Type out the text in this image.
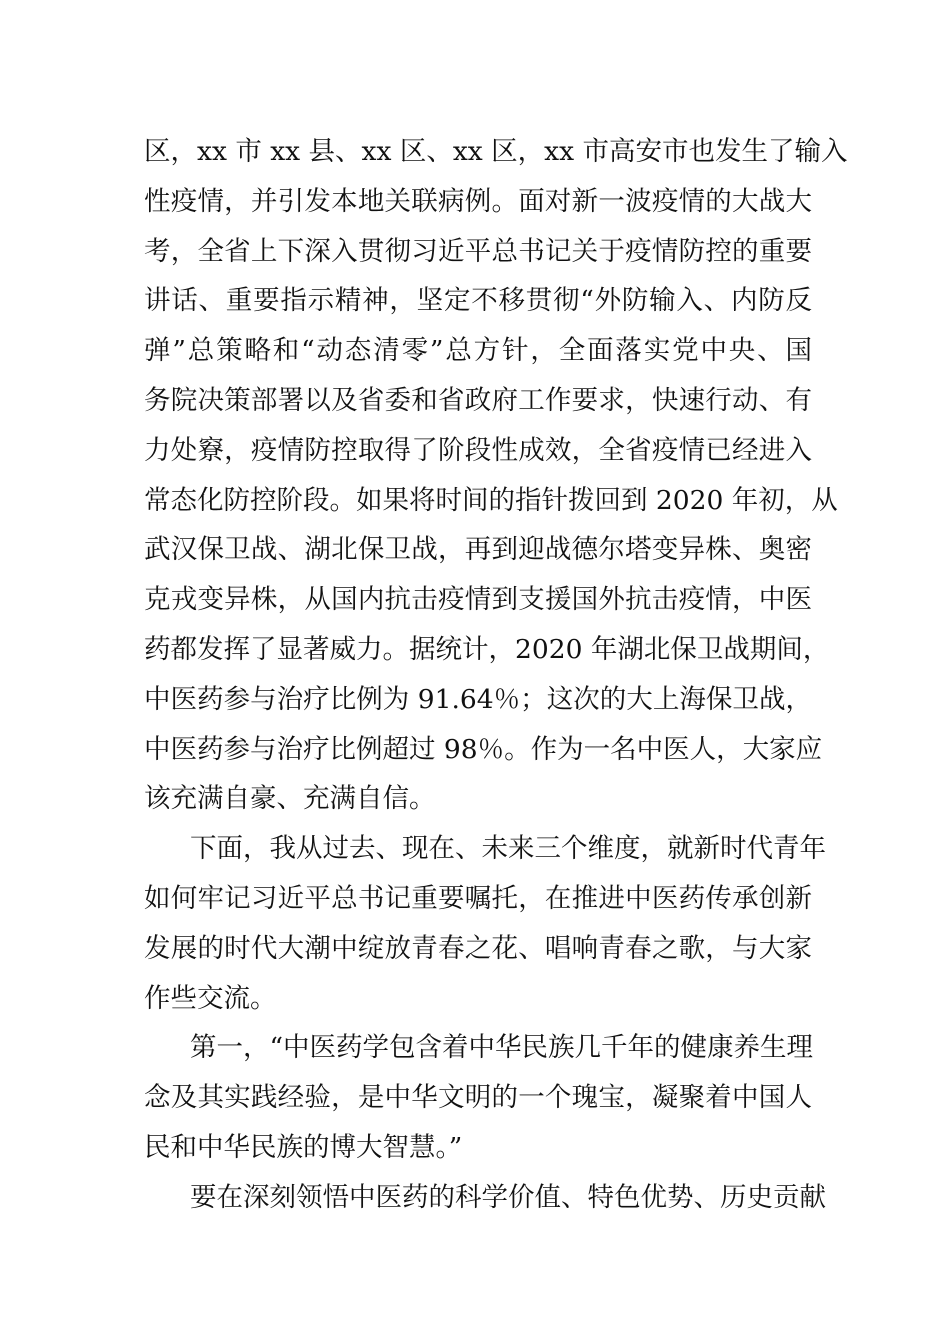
区，xx 市 xx 县、xx 区、xx 区，xx 市高安市也发生了输入
性疫情，并引发本地关联病例。面对新一波疫情的大战大
考，全省上下深入贯彻习近平总书记关于疫情防控的重要
讲话、重要指示精神，坚定不移贯彻“外防输入、内防反
弹”总策略和“动态清零”总方针，全面落实党中央、国
务院决策部署以及省委和省政府工作要求，快速行动、有
力处竂，疫情防控取得了阶段性成效，全省疫情已经进入
常态化防控阶段。如果将时间的指针拨回到 2020 年初，从
武汉保卫战、湖北保卫战，再到迎战德尔塔变异株、奥密
克戎变异株，从国内抗击疫情到支援国外抗击疫情，中医
药都发挥了显著威力。据统计，2020 年湖北保卫战期间，
中医药参与治疗比例为 91.64％；这次的大上海保卫战，
中医药参与治疗比例超过 98％。作为一名中医人，大家应
该充满自豪、充满自信。
下面，我从过去、现在、未来三个维度，就新时代青年
如何牢记习近平总书记重要嘱托，在推进中医药传承创新
发展的时代大潮中绽放青春之花、唱响青春之歌，与大家
作些交流。
第一，“中医药学包含着中华民族几千年的健康养生理
念及其实践经验，是中华文明的一个瑰宝，凝聚着中国人
民和中华民族的博大智慧。”
要在深刻领悟中医药的科学价值、特色优势、历史贡献
